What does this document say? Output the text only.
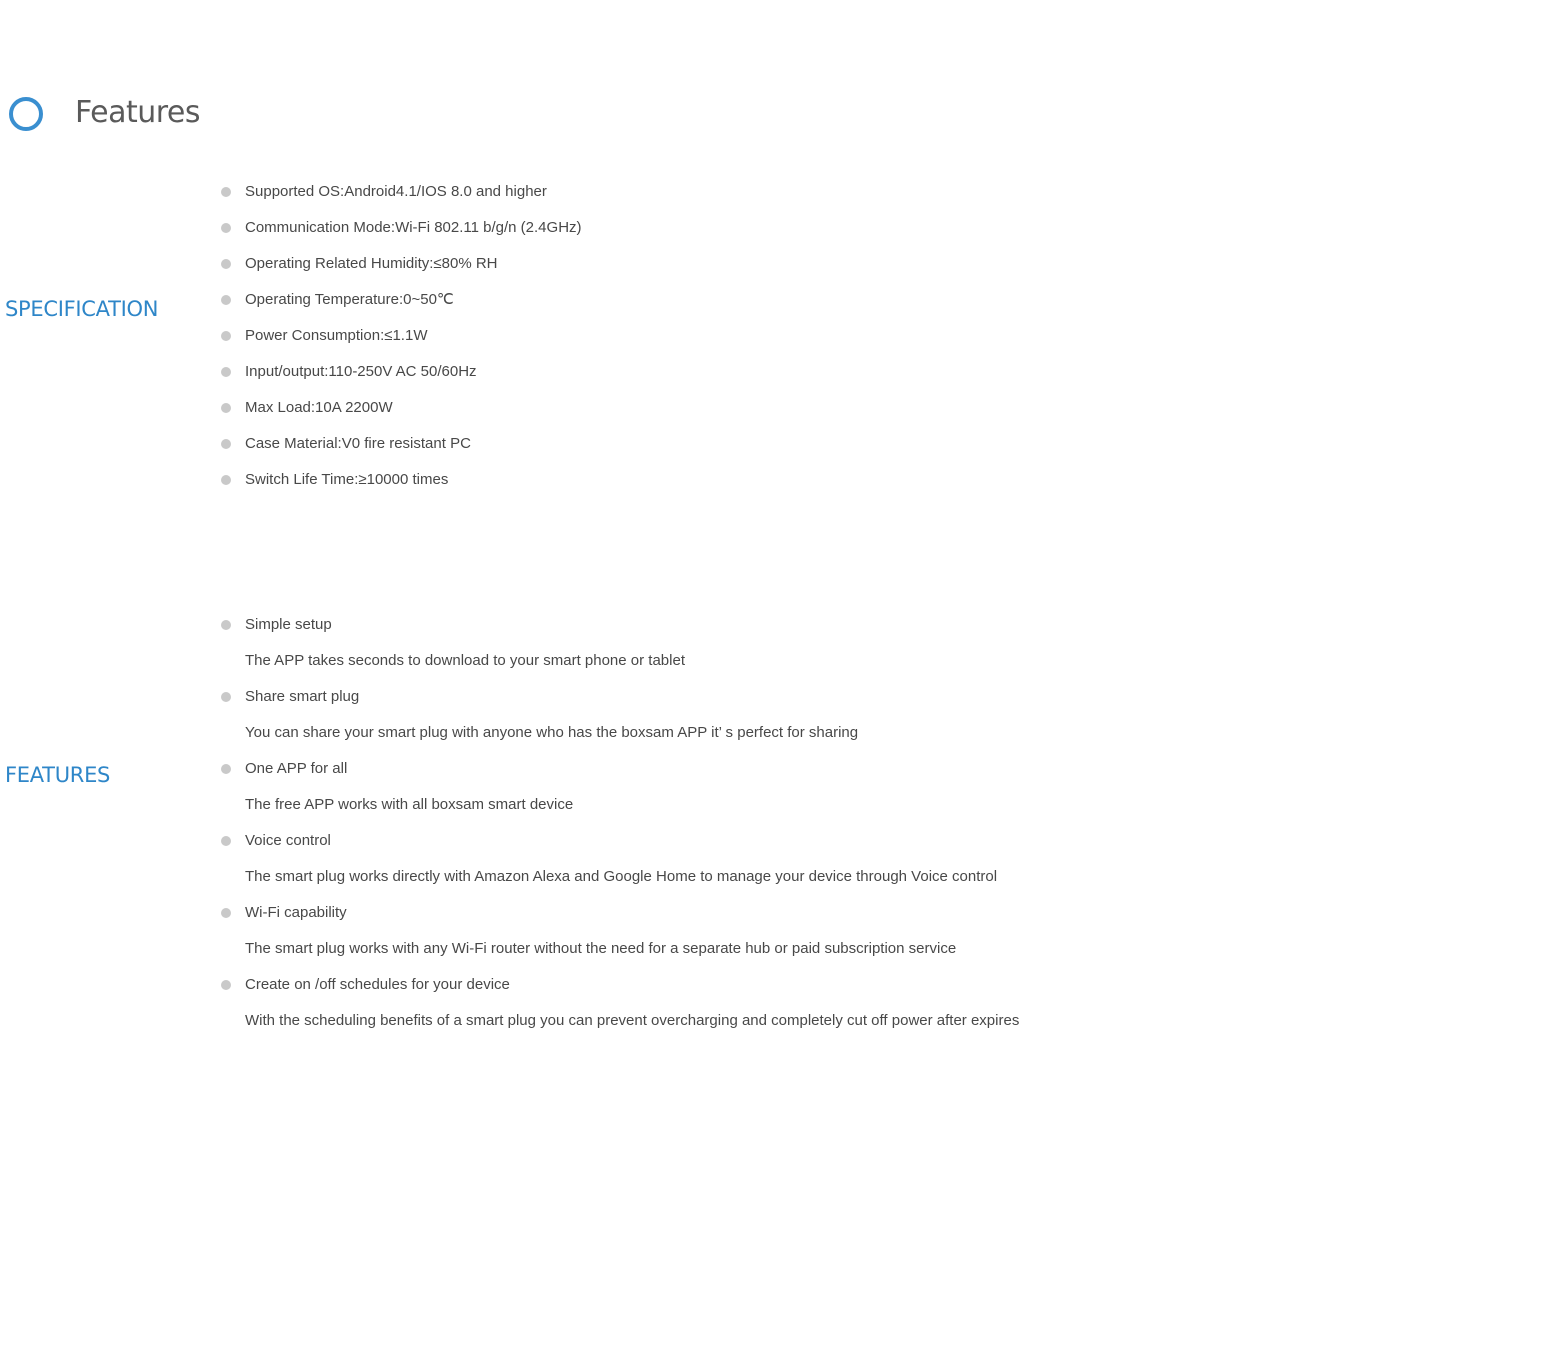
Features
SPECIFICATION
Supported OS:Android4.1/IOS 8.0 and higher
Communication Mode:Wi-Fi 802.11 b/g/n (2.4GHz)
Operating Related Humidity:≤80% RH
Operating Temperature:0~50℃
Power Consumption:≤1.1W
Input/output:110-250V AC 50/60Hz
Max Load:10A 2200W
Case Material:V0 fire resistant PC
Switch Life Time:≥10000 times
FEATURES
Simple setup
The APP takes seconds to download to your smart phone or tablet
Share smart plug
You can share your smart plug with anyone who has the boxsam APP it’ s perfect for sharing
One APP for all
The free APP works with all boxsam smart device
Voice control
The smart plug works directly with Amazon Alexa and Google Home to manage your device through Voice control
Wi-Fi capability
The smart plug works with any Wi-Fi router without the need for a separate hub or paid subscription service
Create on /off schedules for your device
With the scheduling benefits of a smart plug you can prevent overcharging and completely cut off power after expires
